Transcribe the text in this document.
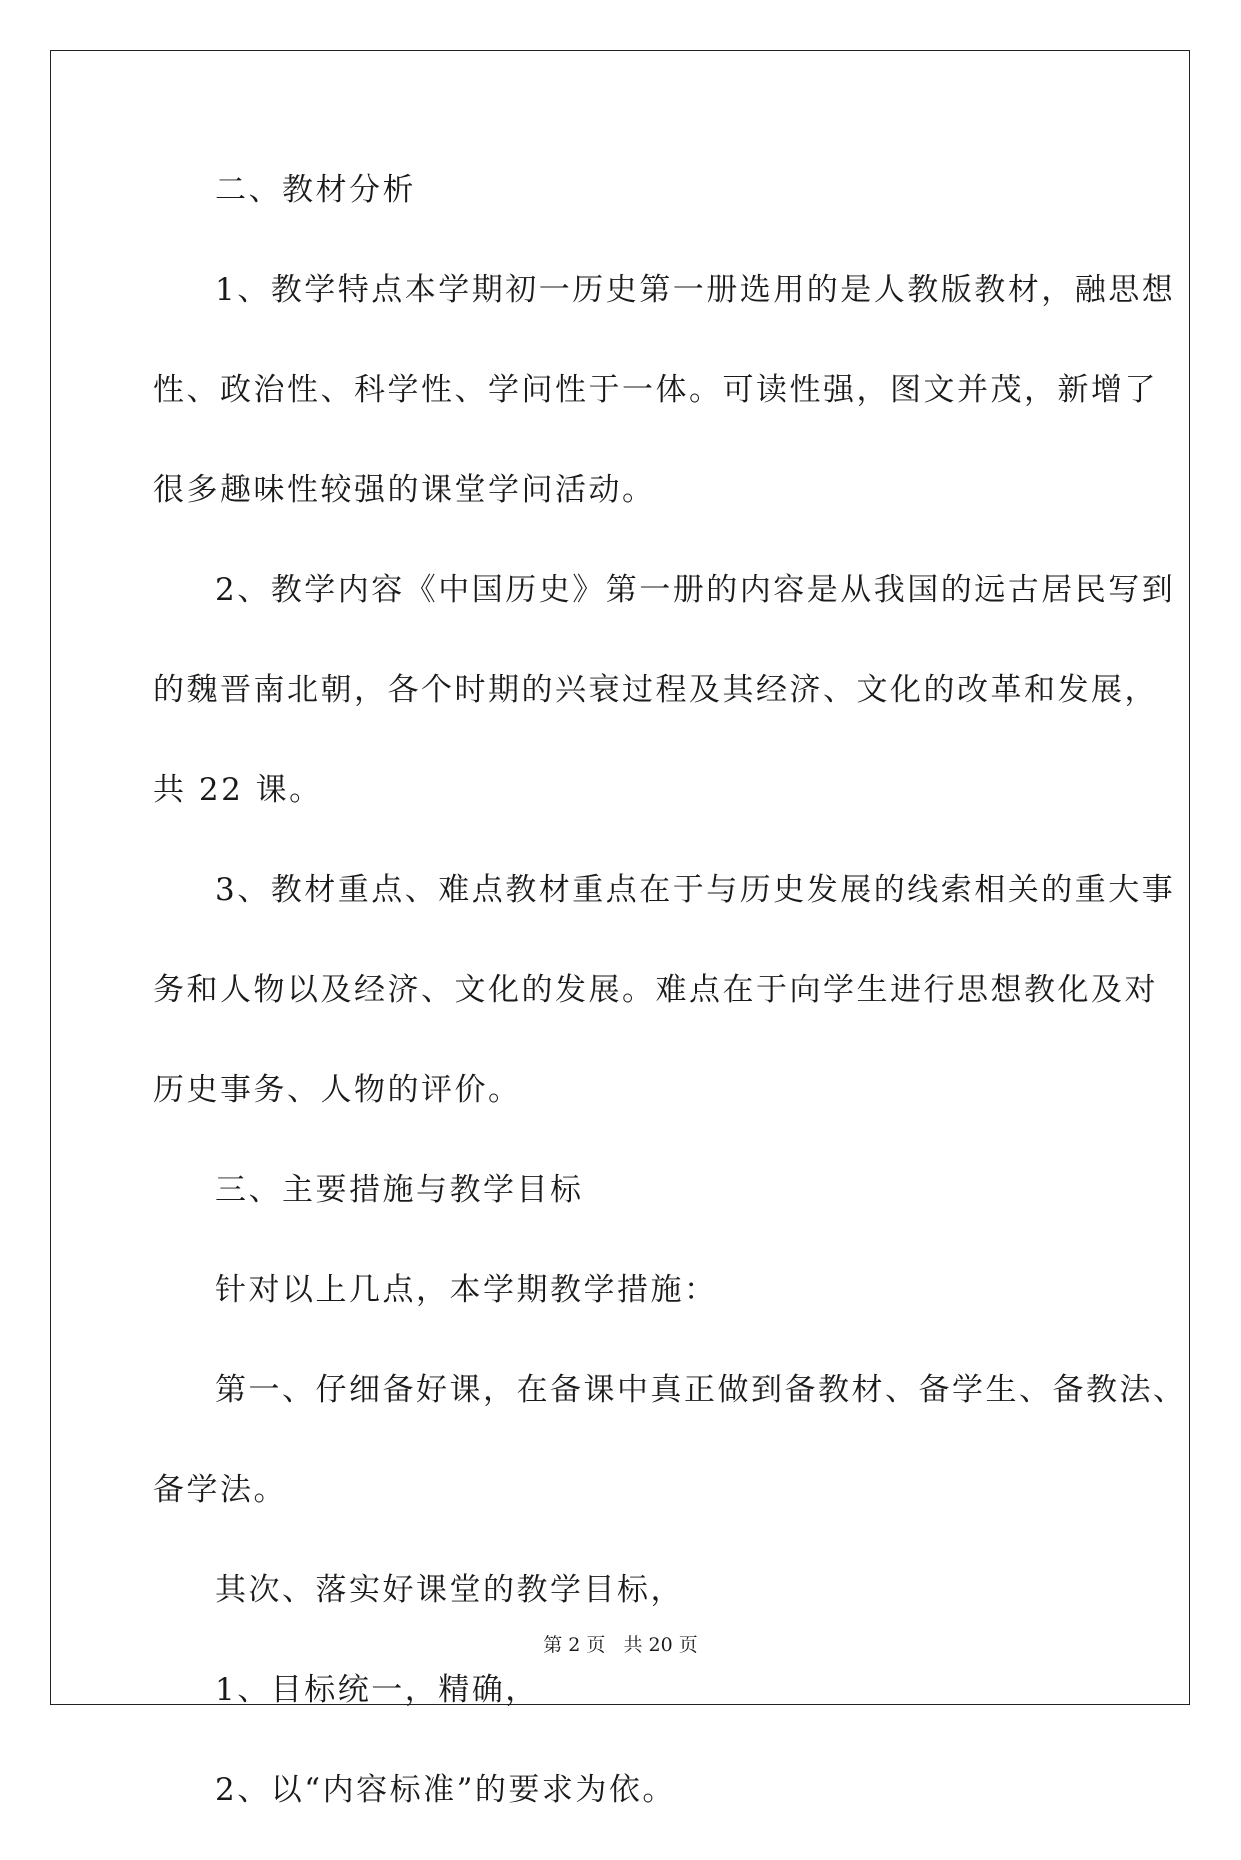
二、教材分析

1、教学特点本学期初一历史第一册选用的是人教版教材，融思想

性、政治性、科学性、学问性于一体。可读性强，图文并茂，新增了

很多趣味性较强的课堂学问活动。

2、教学内容《中国历史》第一册的内容是从我国的远古居民写到

的魏晋南北朝，各个时期的兴衰过程及其经济、文化的改革和发展，

共 22 课。

3、教材重点、难点教材重点在于与历史发展的线索相关的重大事

务和人物以及经济、文化的发展。难点在于向学生进行思想教化及对

历史事务、人物的评价。

三、主要措施与教学目标

针对以上几点，本学期教学措施：

第一、仔细备好课，在备课中真正做到备教材、备学生、备教法、

备学法。

其次、落实好课堂的教学目标，

1、目标统一，精确，

2、以“内容标准”的要求为依。

第 2 页 共 20 页
